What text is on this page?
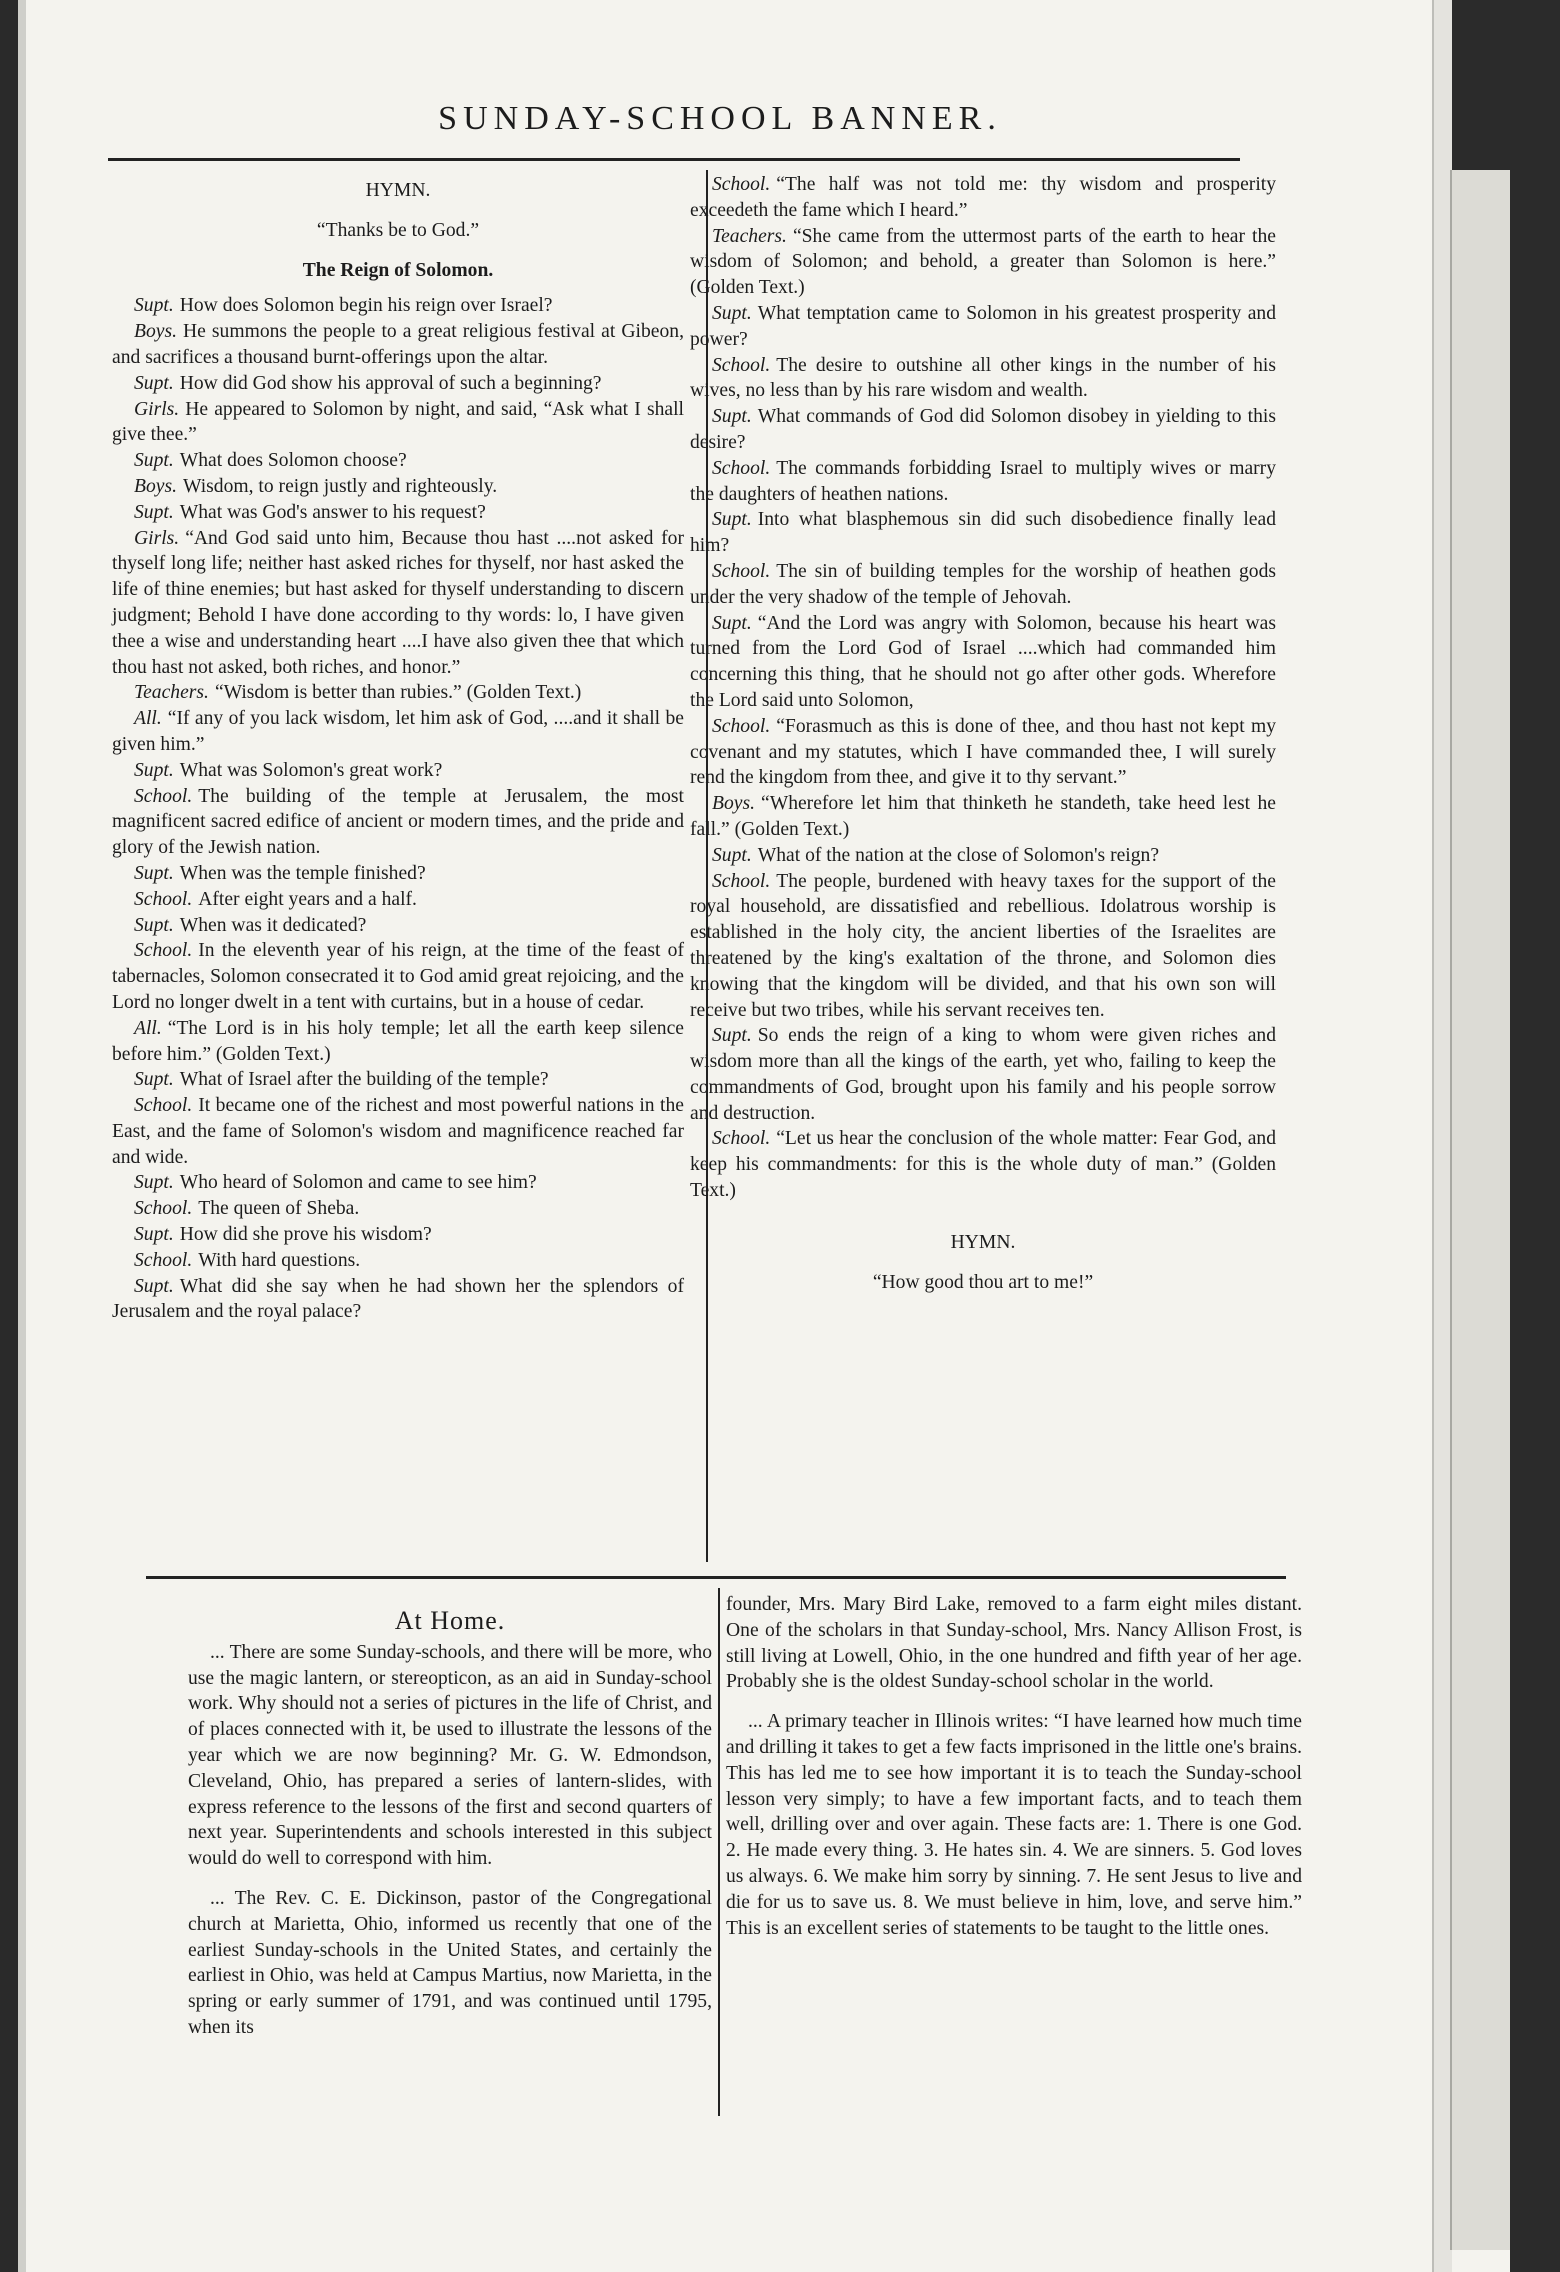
SUNDAY-SCHOOL BANNER.

HYMN.

“Thanks be to God.”

The Reign of Solomon.

Supt. How does Solomon begin his reign over Israel?

Boys. He summons the people to a great religious festival at Gibeon, and sacrifices a thousand burnt-offerings upon the altar.

Supt. How did God show his approval of such a beginning?

Girls. He appeared to Solomon by night, and said, “Ask what I shall give thee.”

Supt. What does Solomon choose?

Boys. Wisdom, to reign justly and righteously.

Supt. What was God's answer to his request?

Girls. “And God said unto him, Because thou hast ....not asked for thyself long life; neither hast asked riches for thyself, nor hast asked the life of thine enemies; but hast asked for thyself understanding to discern judgment; Behold I have done according to thy words: lo, I have given thee a wise and understanding heart ....I have also given thee that which thou hast not asked, both riches, and honor.”

Teachers. “Wisdom is better than rubies.” (Golden Text.)

All. “If any of you lack wisdom, let him ask of God, ....and it shall be given him.”

Supt. What was Solomon's great work?

School. The building of the temple at Jerusalem, the most magnificent sacred edifice of ancient or modern times, and the pride and glory of the Jewish nation.

Supt. When was the temple finished?

School. After eight years and a half.

Supt. When was it dedicated?

School. In the eleventh year of his reign, at the time of the feast of tabernacles, Solomon consecrated it to God amid great rejoicing, and the Lord no longer dwelt in a tent with curtains, but in a house of cedar.

All. “The Lord is in his holy temple; let all the earth keep silence before him.” (Golden Text.)

Supt. What of Israel after the building of the temple?

School. It became one of the richest and most powerful nations in the East, and the fame of Solomon's wisdom and magnificence reached far and wide.

Supt. Who heard of Solomon and came to see him?

School. The queen of Sheba.

Supt. How did she prove his wisdom?

School. With hard questions.

Supt. What did she say when he had shown her the splendors of Jerusalem and the royal palace?

School. “The half was not told me: thy wisdom and prosperity exceedeth the fame which I heard.”

Teachers. “She came from the uttermost parts of the earth to hear the wisdom of Solomon; and behold, a greater than Solomon is here.” (Golden Text.)

Supt. What temptation came to Solomon in his greatest prosperity and power?

School. The desire to outshine all other kings in the number of his wives, no less than by his rare wisdom and wealth.

Supt. What commands of God did Solomon disobey in yielding to this desire?

School. The commands forbidding Israel to multiply wives or marry the daughters of heathen nations.

Supt. Into what blasphemous sin did such disobedience finally lead him?

School. The sin of building temples for the worship of heathen gods under the very shadow of the temple of Jehovah.

Supt. “And the Lord was angry with Solomon, because his heart was turned from the Lord God of Israel ....which had commanded him concerning this thing, that he should not go after other gods. Wherefore the Lord said unto Solomon,

School. “Forasmuch as this is done of thee, and thou hast not kept my covenant and my statutes, which I have commanded thee, I will surely rend the kingdom from thee, and give it to thy servant.”

Boys. “Wherefore let him that thinketh he standeth, take heed lest he fall.” (Golden Text.)

Supt. What of the nation at the close of Solomon's reign?

School. The people, burdened with heavy taxes for the support of the royal household, are dissatisfied and rebellious. Idolatrous worship is established in the holy city, the ancient liberties of the Israelites are threatened by the king's exaltation of the throne, and Solomon dies knowing that the kingdom will be divided, and that his own son will receive but two tribes, while his servant receives ten.

Supt. So ends the reign of a king to whom were given riches and wisdom more than all the kings of the earth, yet who, failing to keep the commandments of God, brought upon his family and his people sorrow and destruction.

School. “Let us hear the conclusion of the whole matter: Fear God, and keep his commandments: for this is the whole duty of man.” (Golden Text.)

HYMN.

“How good thou art to me!”

At Home.

... There are some Sunday-schools, and there will be more, who use the magic lantern, or stereopticon, as an aid in Sunday-school work. Why should not a series of pictures in the life of Christ, and of places connected with it, be used to illustrate the lessons of the year which we are now beginning? Mr. G. W. Edmondson, Cleveland, Ohio, has prepared a series of lantern-slides, with express reference to the lessons of the first and second quarters of next year. Superintendents and schools interested in this subject would do well to correspond with him.

... The Rev. C. E. Dickinson, pastor of the Congregational church at Marietta, Ohio, informed us recently that one of the earliest Sunday-schools in the United States, and certainly the earliest in Ohio, was held at Campus Martius, now Marietta, in the spring or early summer of 1791, and was continued until 1795, when its

founder, Mrs. Mary Bird Lake, removed to a farm eight miles distant. One of the scholars in that Sunday-school, Mrs. Nancy Allison Frost, is still living at Lowell, Ohio, in the one hundred and fifth year of her age. Probably she is the oldest Sunday-school scholar in the world.

... A primary teacher in Illinois writes: “I have learned how much time and drilling it takes to get a few facts imprisoned in the little one's brains. This has led me to see how important it is to teach the Sunday-school lesson very simply; to have a few important facts, and to teach them well, drilling over and over again. These facts are: 1. There is one God. 2. He made every thing. 3. He hates sin. 4. We are sinners. 5. God loves us always. 6. We make him sorry by sinning. 7. He sent Jesus to live and die for us to save us. 8. We must believe in him, love, and serve him.” This is an excellent series of statements to be taught to the little ones.
